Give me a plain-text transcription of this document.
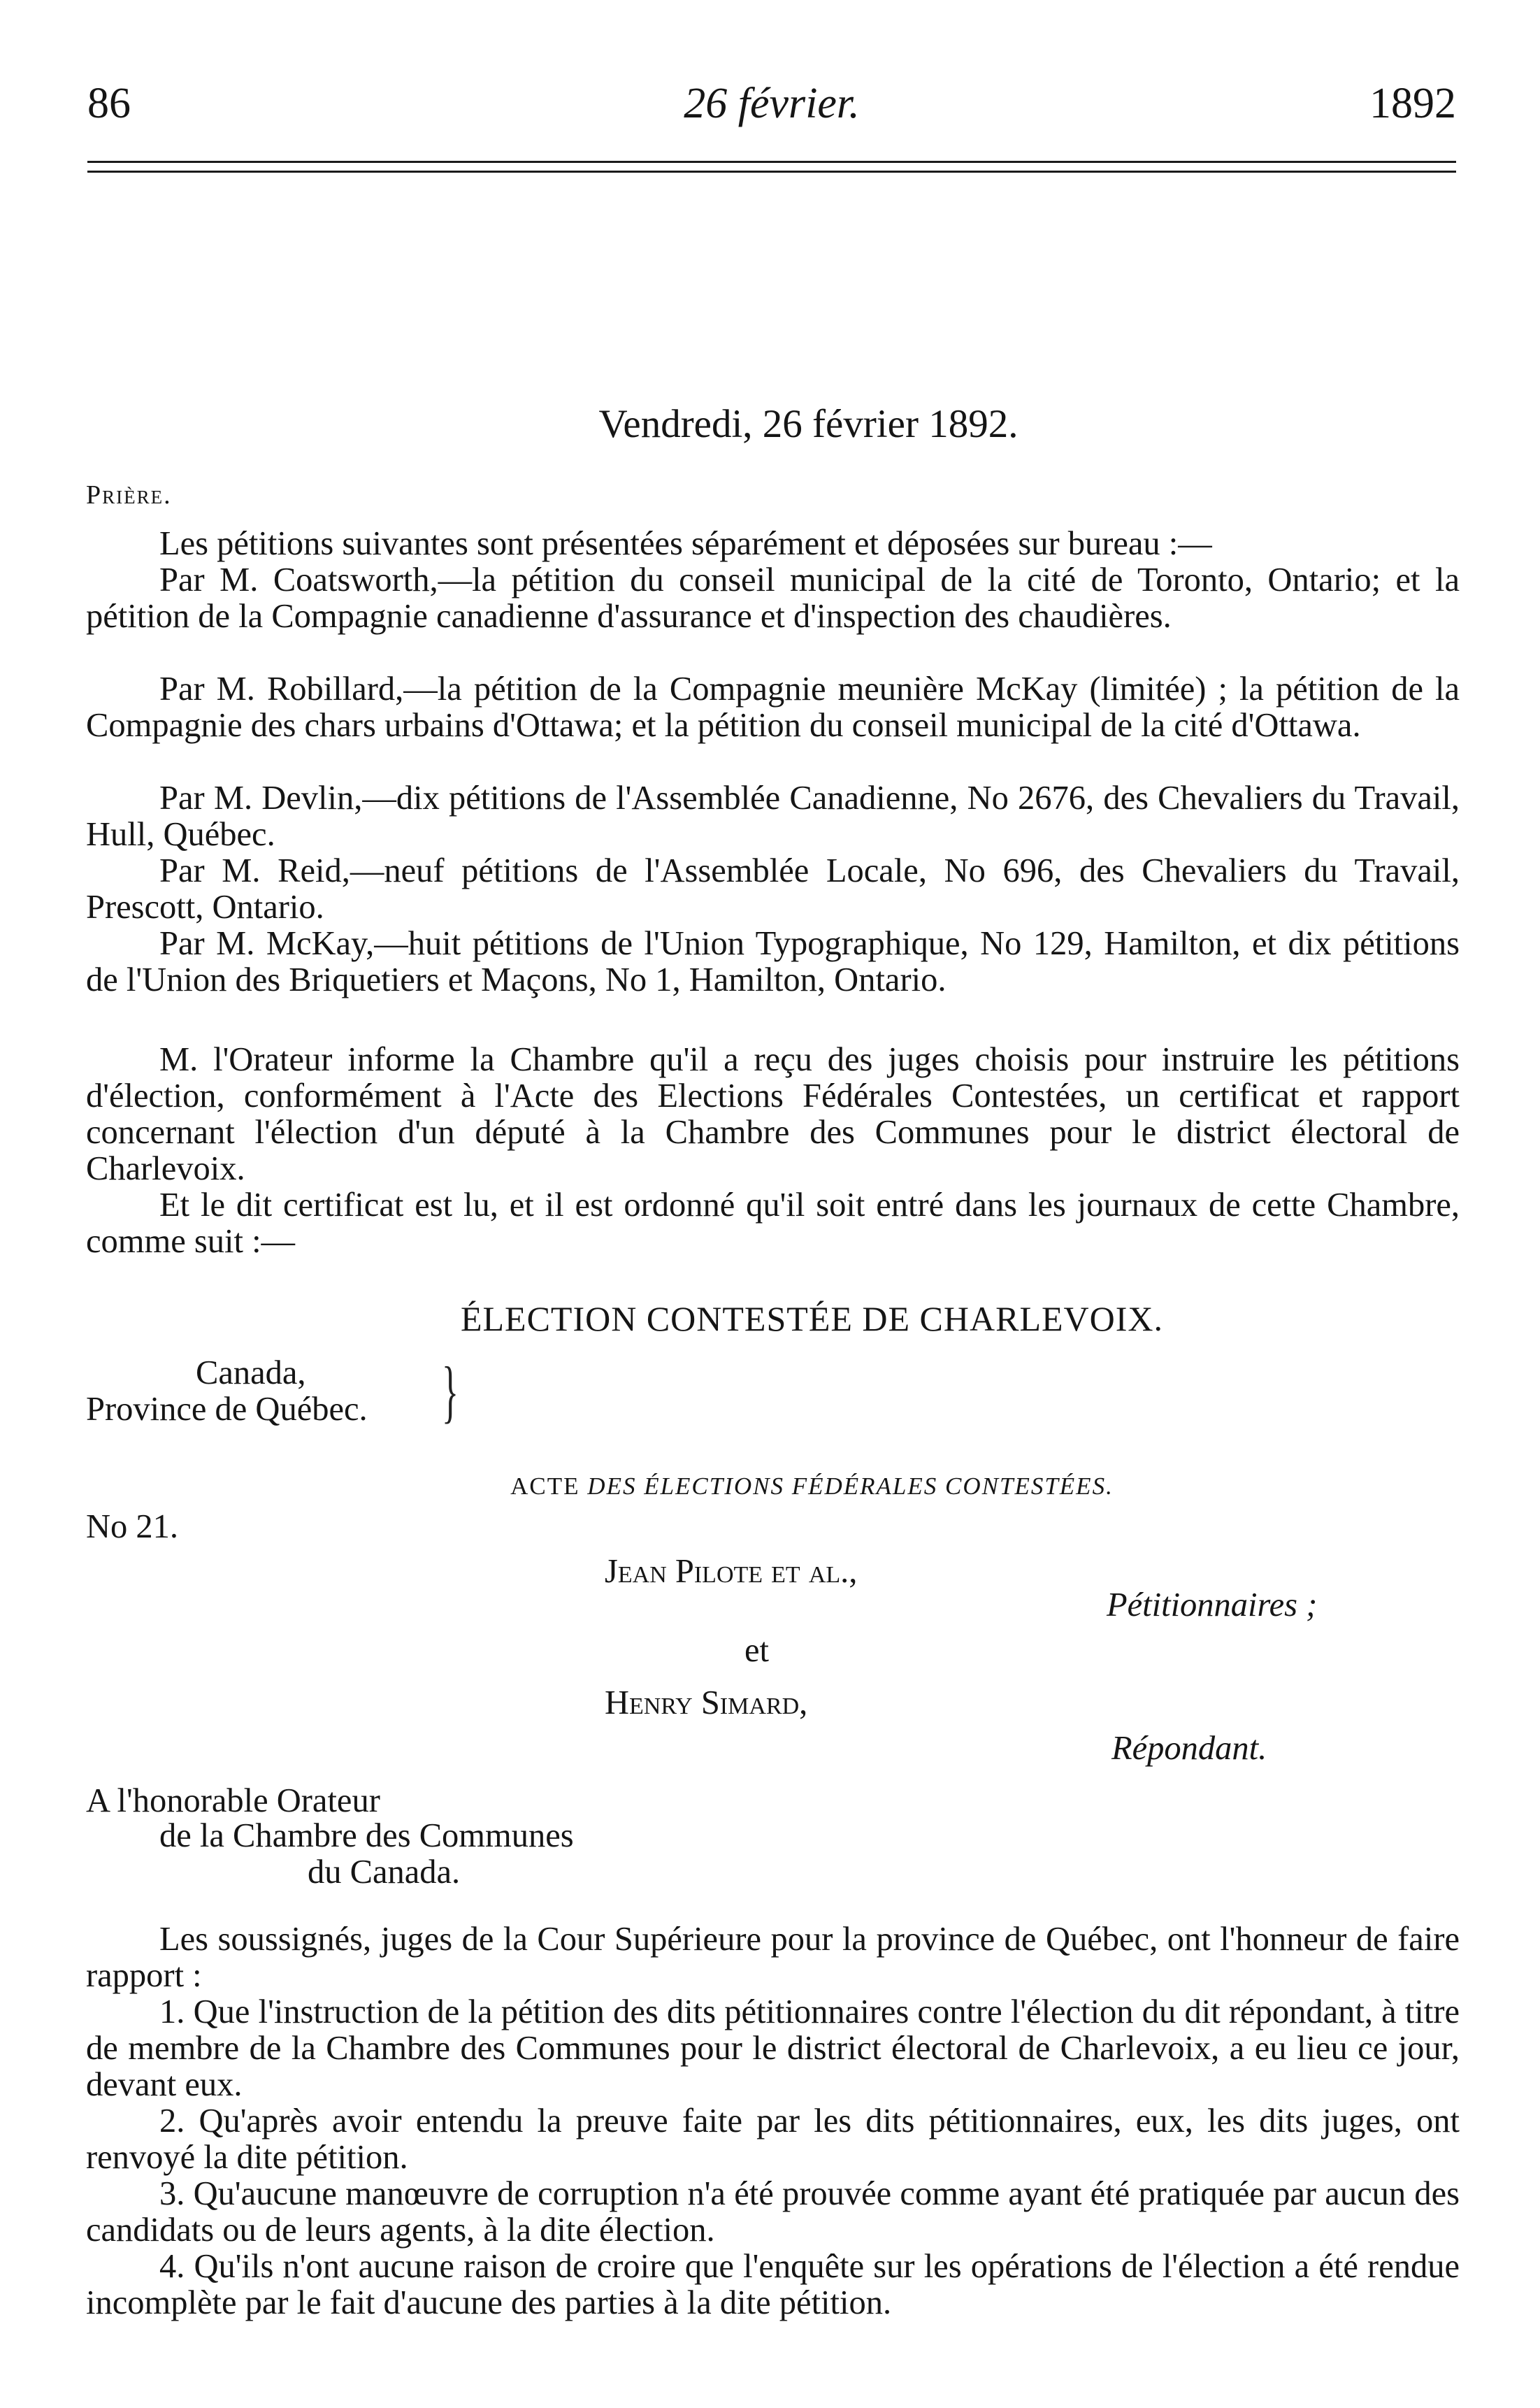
86	26 février.	1892
Vendredi, 26 février 1892.
Prière.

Les pétitions suivantes sont présentées séparément et déposées sur bureau :—

Par M. Coatsworth,—la pétition du conseil municipal de la cité de Toronto, Ontario; et la pétition de la Compagnie canadienne d'assurance et d'inspection des chaudières.

Par M. Robillard,—la pétition de la Compagnie meunière McKay (limitée) ; la pétition de la Compagnie des chars urbains d'Ottawa; et la pétition du conseil municipal de la cité d'Ottawa.

Par M. Devlin,—dix pétitions de l'Assemblée Canadienne, No 2676, des Chevaliers du Travail, Hull, Québec.

Par M. Reid,—neuf pétitions de l'Assemblée Locale, No 696, des Chevaliers du Travail, Prescott, Ontario.

Par M. McKay,—huit pétitions de l'Union Typographique, No 129, Hamilton, et dix pétitions de l'Union des Briquetiers et Maçons, No 1, Hamilton, Ontario.

M. l'Orateur informe la Chambre qu'il a reçu des juges choisis pour instruire les pétitions d'élection, conformément à l'Acte des Elections Fédérales Contestées, un certificat et rapport concernant l'élection d'un député à la Chambre des Communes pour le district électoral de Charlevoix.

Et le dit certificat est lu, et il est ordonné qu'il soit entré dans les journaux de cette Chambre, comme suit :—

ÉLECTION CONTESTÉE DE CHARLEVOIX.
Canada,
Province de Québec. }
ACTE DES ÉLECTIONS FÉDÉRALES CONTESTÉES.
No 21.
Jean Pilote et al.,
Pétitionnaires ;
et
Henry Simard,
Répondant.
A l'honorable Orateur
de la Chambre des Communes
du Canada.

Les soussignés, juges de la Cour Supérieure pour la province de Québec, ont l'honneur de faire rapport :

1. Que l'instruction de la pétition des dits pétitionnaires contre l'élection du dit répondant, à titre de membre de la Chambre des Communes pour le district électoral de Charlevoix, a eu lieu ce jour, devant eux.

2. Qu'après avoir entendu la preuve faite par les dits pétitionnaires, eux, les dits juges, ont renvoyé la dite pétition.

3. Qu'aucune manœuvre de corruption n'a été prouvée comme ayant été pratiquée par aucun des candidats ou de leurs agents, à la dite élection.

4. Qu'ils n'ont aucune raison de croire que l'enquête sur les opérations de l'élection a été rendue incomplète par le fait d'aucune des parties à la dite pétition.
